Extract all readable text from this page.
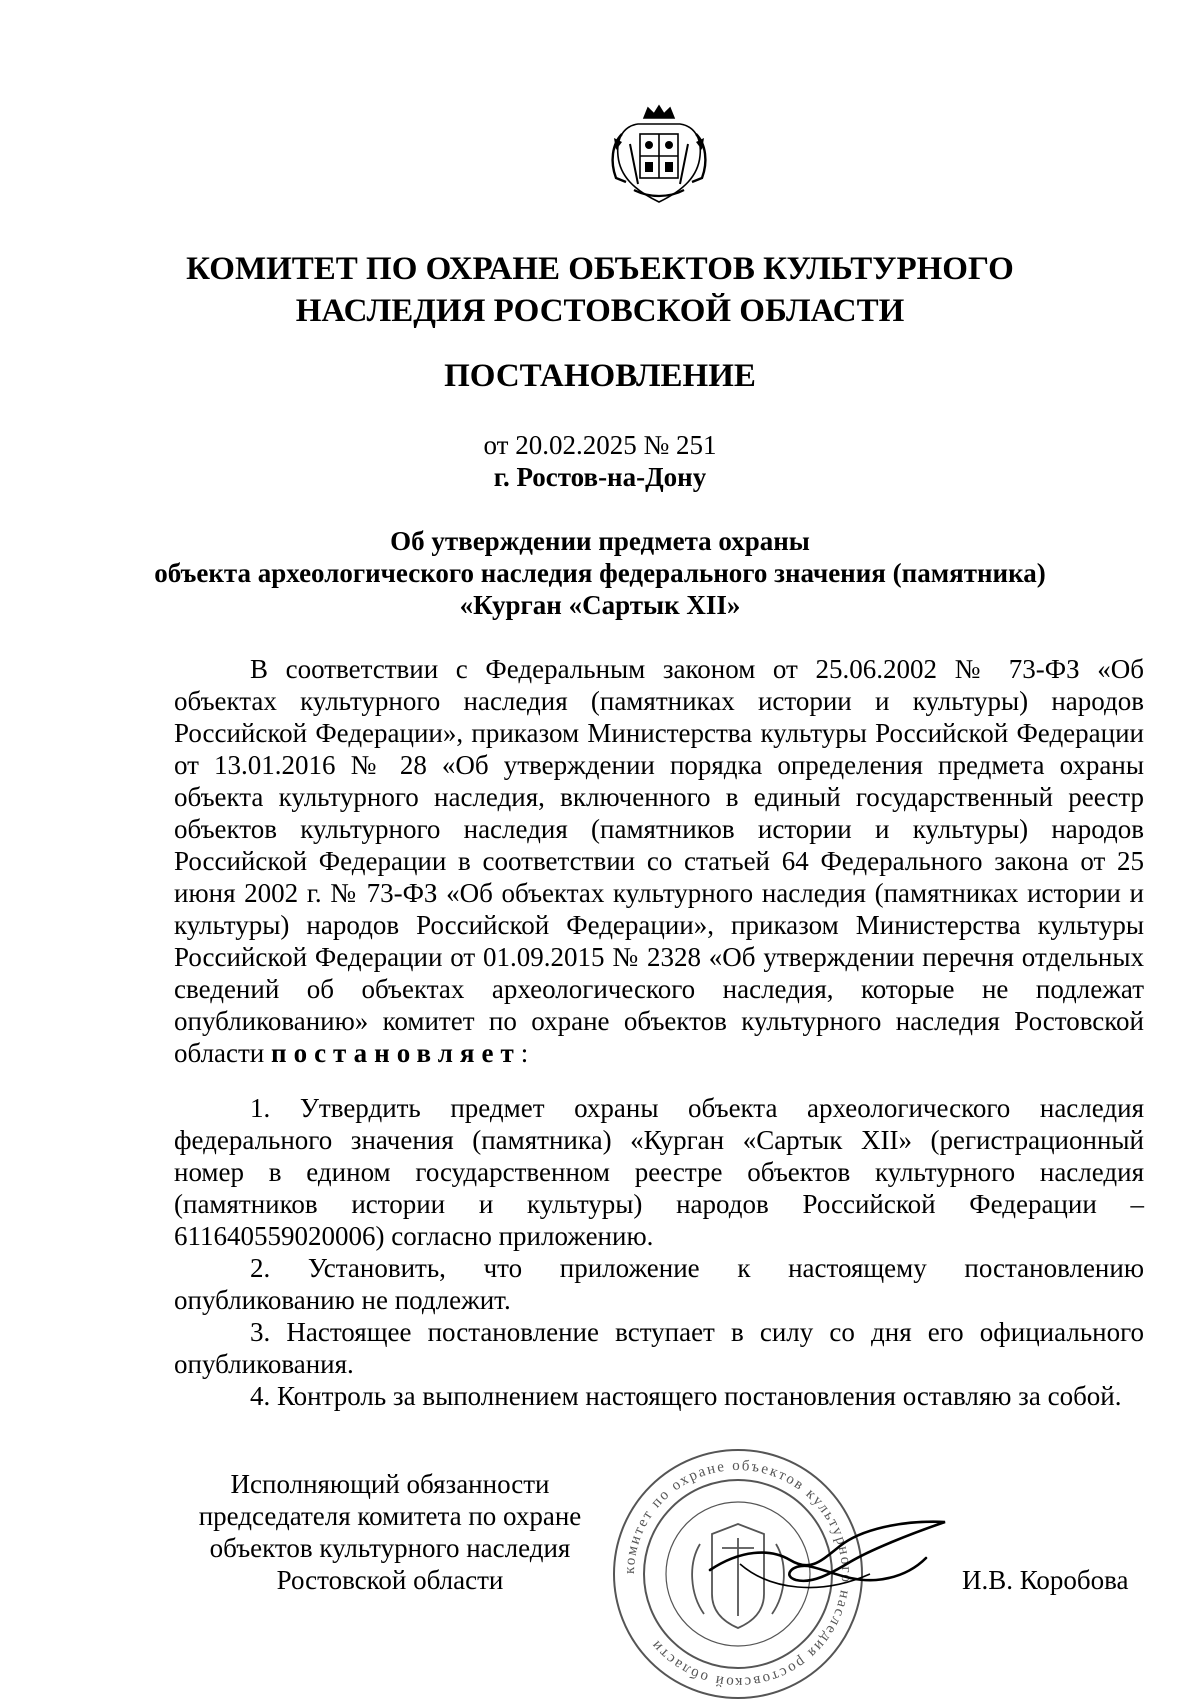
КОМИТЕТ ПО ОХРАНЕ ОБЪЕКТОВ КУЛЬТУРНОГО
НАСЛЕДИЯ РОСТОВСКОЙ ОБЛАСТИ
ПОСТАНОВЛЕНИЕ
от 20.02.2025 № 251
г. Ростов-на-Дону
Об утверждении предмета охраны
объекта археологического наследия федерального значения (памятника)
«Курган «Сартык XII»

В соответствии с Федеральным законом от 25.06.2002 № 73-ФЗ «Об объектах культурного наследия (памятниках истории и культуры) народов Российской Федерации», приказом Министерства культуры Российской Федерации от 13.01.2016 № 28 «Об утверждении порядка определения предмета охраны объекта культурного наследия, включенного в единый государственный реестр объектов культурного наследия (памятников истории и культуры) народов Российской Федерации в соответствии со статьей 64 Федерального закона от 25 июня 2002 г. № 73-ФЗ «Об объектах культурного наследия (памятниках истории и культуры) народов Российской Федерации», приказом Министерства культуры Российской Федерации от 01.09.2015 № 2328 «Об утверждении перечня отдельных сведений об объектах археологического наследия, которые не подлежат опубликованию» комитет по охране объектов культурного наследия Ростовской области постановляет:

1. Утвердить предмет охраны объекта археологического наследия федерального значения (памятника) «Курган «Сартык XII» (регистрационный номер в едином государственном реестре объектов культурного наследия (памятников истории и культуры) народов Российской Федерации – 611640559020006) согласно приложению.

2. Установить, что приложение к настоящему постановлению опубликованию не подлежит.

3. Настоящее постановление вступает в силу со дня его официального опубликования.

4. Контроль за выполнением настоящего постановления оставляю за собой.

Исполняющий обязанности
председателя комитета по охране
объектов культурного наследия
Ростовской области	комитет по охране объектов культурного наследия ростовской области
И.В. Коробова
